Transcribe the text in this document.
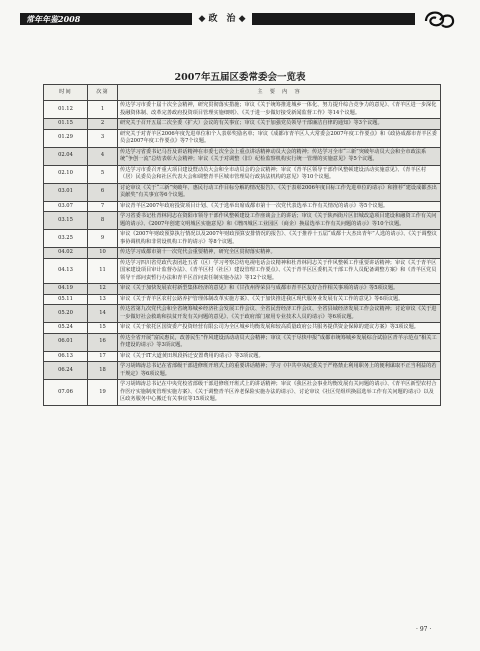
常年年鉴2008	◆ 政　治 ◆
2007年五届区委常委会一览表
时间	次第	主　要　内　容
01.12	1	传达学习市委十届十次全会精神，研究贯彻落实措施；审议《关于统筹推进城乡一体化、努力提升综合竞争力的意见》、《青羊区进一步深化投融资体制、改革完善政府投资项目管理实施细则》、《关于进一步做好接受新闻监督工作》等14个议题。
01.15	2	研究关于召开五届二次全委（扩大）会议的有关事宜；审议《关于加强党员领导干部廉洁自律的通知》等3个议题。
01.29	3	研究关于对青羊区2006年度先进单位和个人表彰奖励名单；审议《成都市青羊区人大常委会2007年度工作要点》和《政协成都市青羊区委员会2007年度工作要点》等7个议题。
02.04	4	传达学习省委书记马吾及讲话精神在市委七次全会上重点讲话精神动员大会的精神；传达学习全市“三新”突破年动员大会和全市政法系统“争创一流”总结表彰大会精神；审议《关于对调整（旧）纪检监察机构实行统一管理的实施意见》等5个议题。
02.10	5	传达学习市委召开重大项目建设暨动员大会和全市动员会的会议精神；审议《青羊区领导干部作风整顿建设活动实施意见》、《青羊区村（居）民委员会和社区代表大会和调整青羊区城市管理局行政执法机构的意见》等10个议题。
03.01	6	讨论审议《关于“三新”突破年、惠民行动工作目标分解的情况报告》、《关于表彰2006年度目标工作先进单位的请示》和推荐“建设成都杰出贡献奖”有关事宜等6个议题。
03.07	7	审议青羊区2007年政府投资项目计划、《关于选举出席成都市第十一次党代表选举工作有关情况的请示》等5个议题。
03.15	8	学习省委书记杜青林同志在资阳市领导干部作风整顿建设工作座谈会上的讲话；审议《关于陕西街片区旧城改造项目建设和融资工作有关问题的请示》、《2007年创建文明城区实施意见》和《增四城区工业园区（商企）换届选举工作有关问题的请示》等10个议题。
03.25	9	审议《2007年财政预算执行情况以及2007年财政预算安排情况的报告》、《关于推荐十五届“成都十大杰出青年”人选的请示》、《关于调整议事协调机构和非常设机构工作的请示》等8个议题。
04.02	10	传达学习成都市第十一次党代会重要精神，研究全区贯彻落实精神。
04.13	11	传达学习四川省党政代表团赴五省（区）学习考察总结电视电话会议精神和杜青林同志关于作风整顿工作重要讲话精神；审议《关于青羊区国家建设项目审计监督办法》、《青羊区村（社区）建设管理工作要点》、《关于青羊区区委机关干部工作人员配备调整方案》和《青羊区党员领导干部问责暂行办法和青羊区首问责任制实施办法》等12个议题。
04.19	12	审议《关于加快发展农村新型集体经济的意见》和《甘孜州得荣县与成都市青羊区友好合作相关事项的请示》等5项议题。
05.11	13	审议《关于青羊区农村公路养护管理体制改革实施方案》、《关于加快推进我区现代服务业发展有关工作的意见》等6项议题。
05.20	14	传达省第九次党代会和全省统筹城乡经济社会发展工作会议、全省民营经济工作会议、全省县域经济发展工作会议精神；讨论审议《关于进一步做好社会救助和扶贫开发有关问题的意见》、《关于政府部门雇用专业技术人员的请示》等6项议题。
05.24	15	审议《关于依托区国资委产投资经营有限公司为全区城乡均衡发展和较高质量政府公共服务提供资金保障的建议方案》等3项议题。
06.01	16	传达全省开展“富民惠民，改善民生”作风建设活动动员大会精神；审议《关于尽快申报“成都市统筹城乡发展综合试验区青羊示范点”相关工作建设的请示》等3项议题。
06.13	17	审议《关于IT大道黄田坝段拆迁安置费用的请示》等3项议题。
06.24	18	学习胡锦涛总书记在省部级干部进修班开班式上的重要讲话精神；学习《中共中央纪委关于严格禁止利用职务上的便利谋取不正当利益的若干规定》等6项议题。
07.06	19	学习胡锦涛总书记在中央党校省部级干部进修班开班式上的讲话精神；审议《我区社会事业均衡发展有关问题的请示》、《青羊区新型农村合作医疗实施制度管理实施方案》、《关于调整青羊区养老保险实施办法的请示》、讨论审议《社区党组织换届选举工作有关问题的请示》以及区政务服务中心搬迁有关事宜等15项议题。
· 97 ·
